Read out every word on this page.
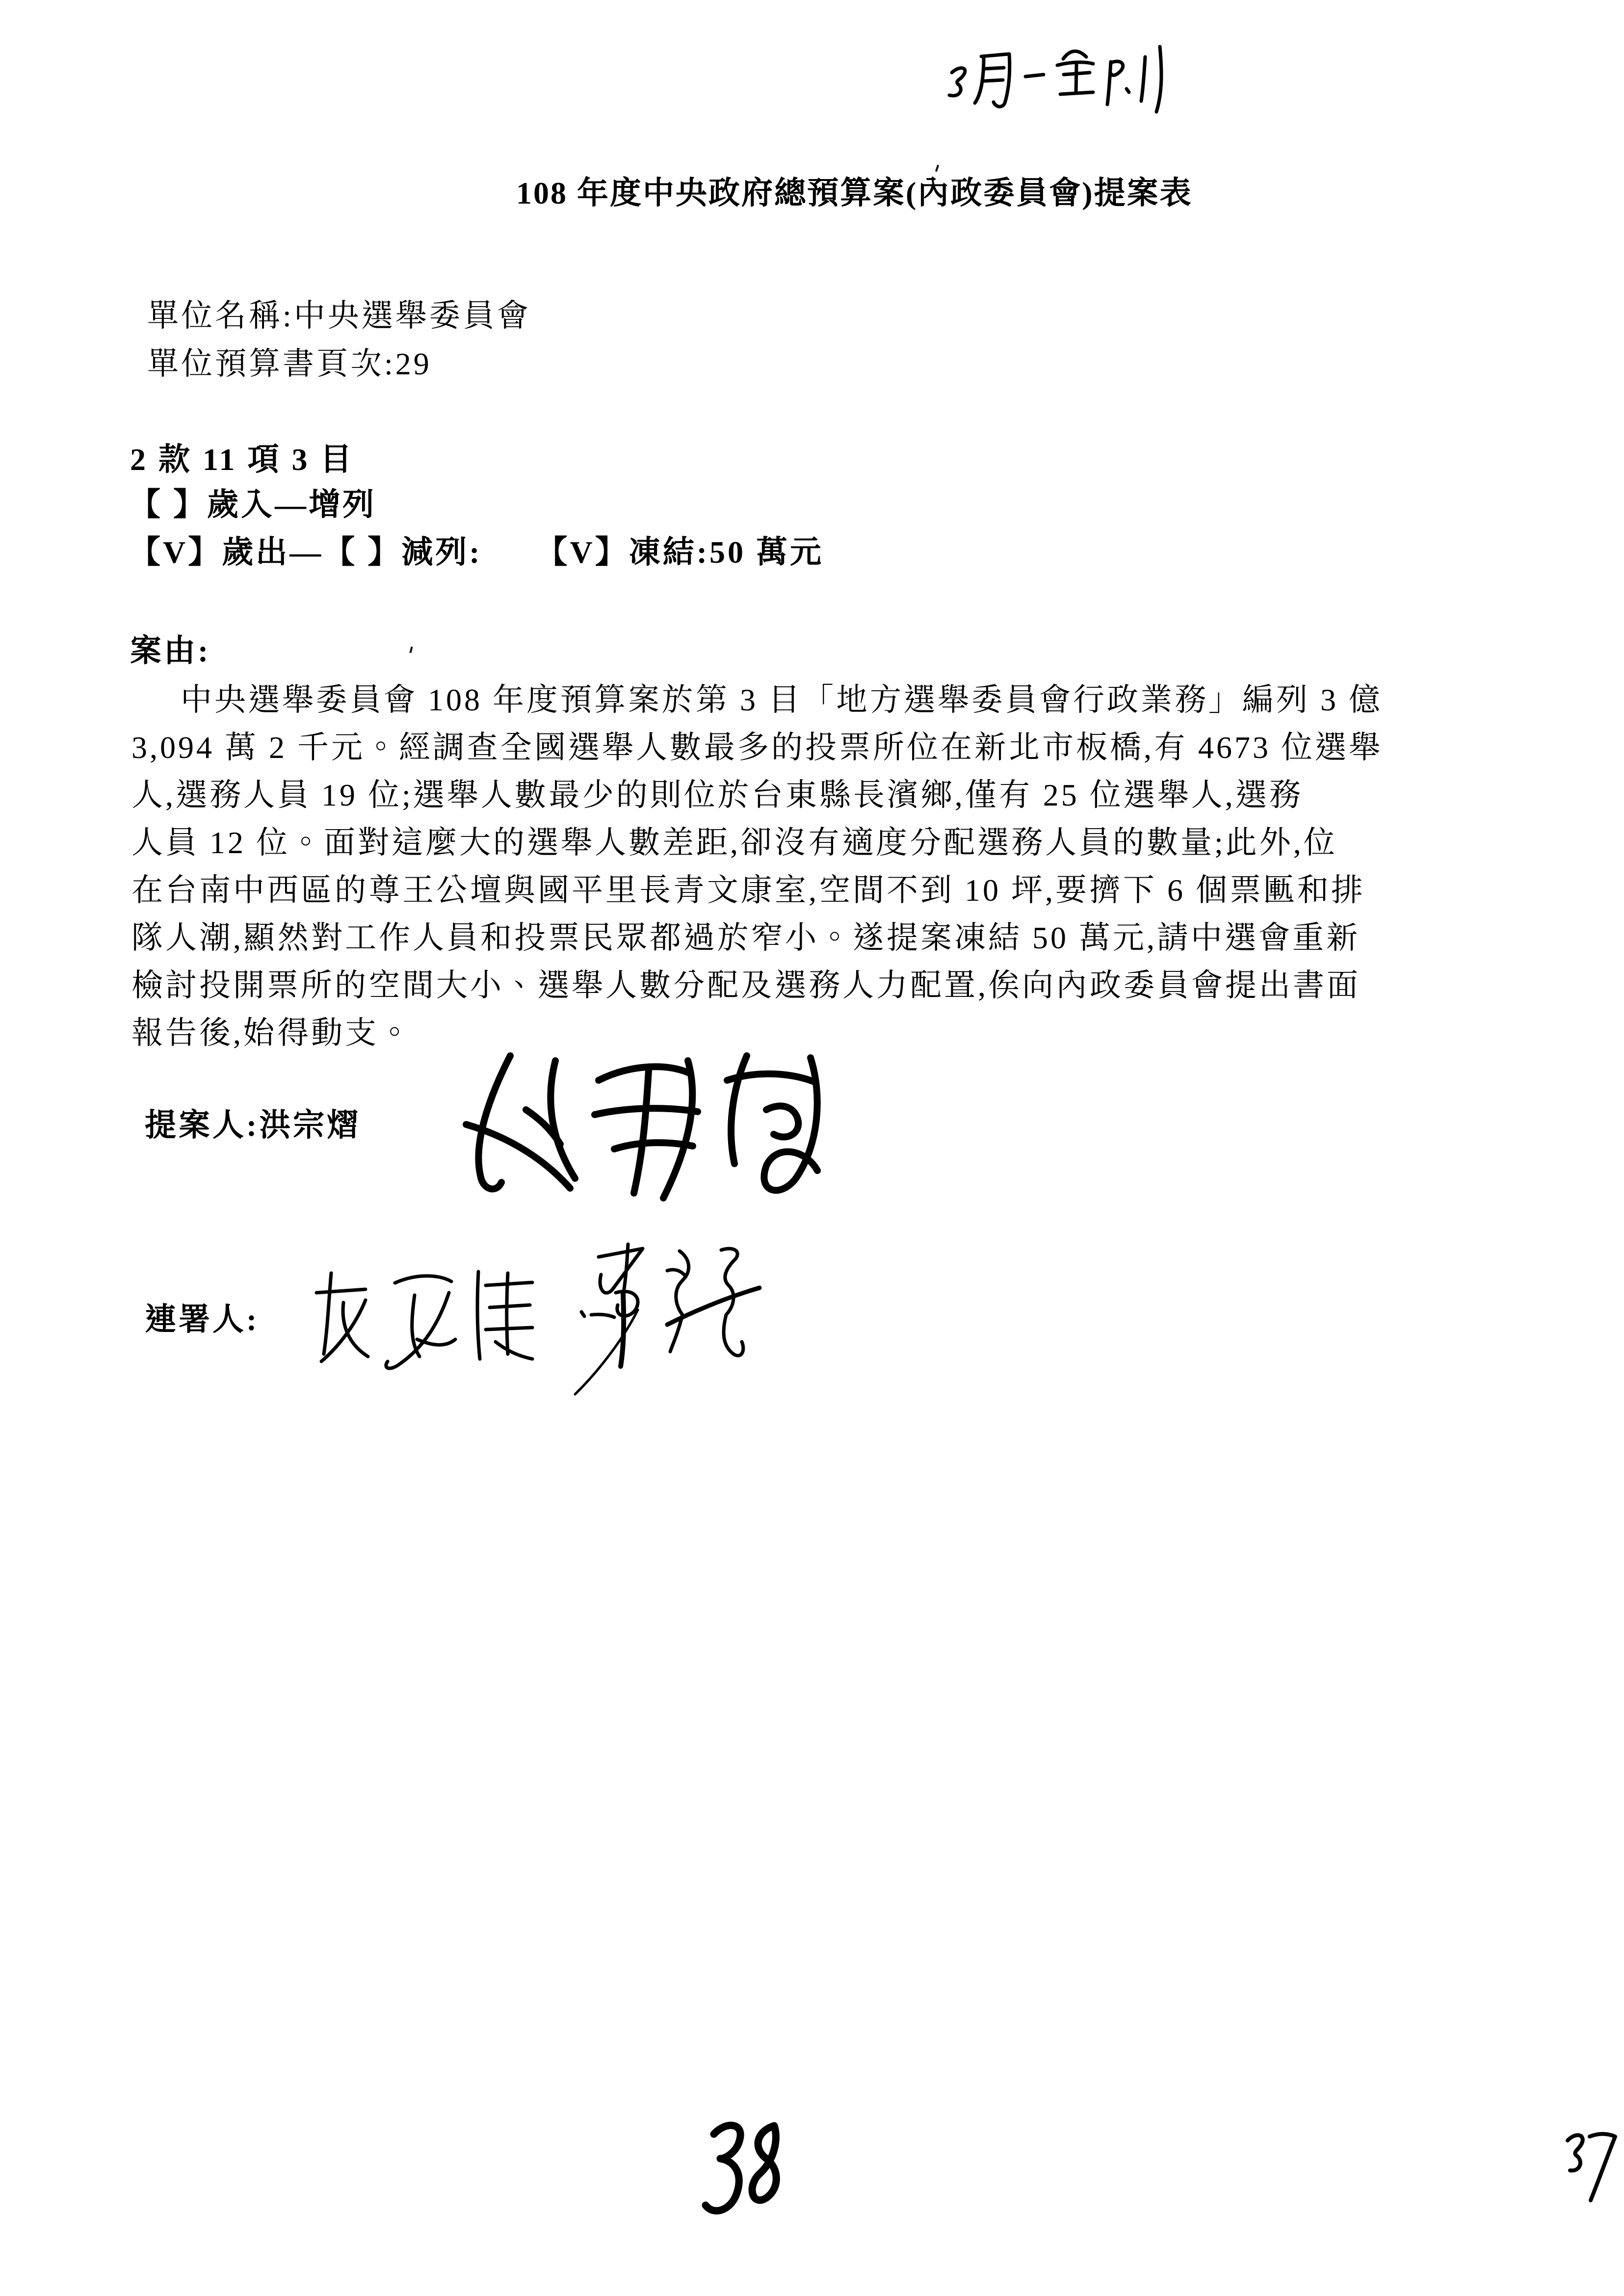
108 年度中央政府總預算案(內政委員會)提案表
單位名稱:中央選舉委員會
單位預算書頁次:29
2 款 11 項 3 目
【 】歲入—增列
【V】歲出—【 】減列: 【V】凍結:50 萬元
案由:
中央選舉委員會 108 年度預算案於第 3 目「地方選舉委員會行政業務」編列 3 億
3,094 萬 2 千元。經調查全國選舉人數最多的投票所位在新北市板橋,有 4673 位選舉
人,選務人員 19 位;選舉人數最少的則位於台東縣長濱鄉,僅有 25 位選舉人,選務
人員 12 位。面對這麼大的選舉人數差距,卻沒有適度分配選務人員的數量;此外,位
在台南中西區的尊王公壇與國平里長青文康室,空間不到 10 坪,要擠下 6 個票匭和排
隊人潮,顯然對工作人員和投票民眾都過於窄小。遂提案凍結 50 萬元,請中選會重新
檢討投開票所的空間大小、選舉人數分配及選務人力配置,俟向內政委員會提出書面
報告後,始得動支。
提案人:洪宗熠
連署人:
